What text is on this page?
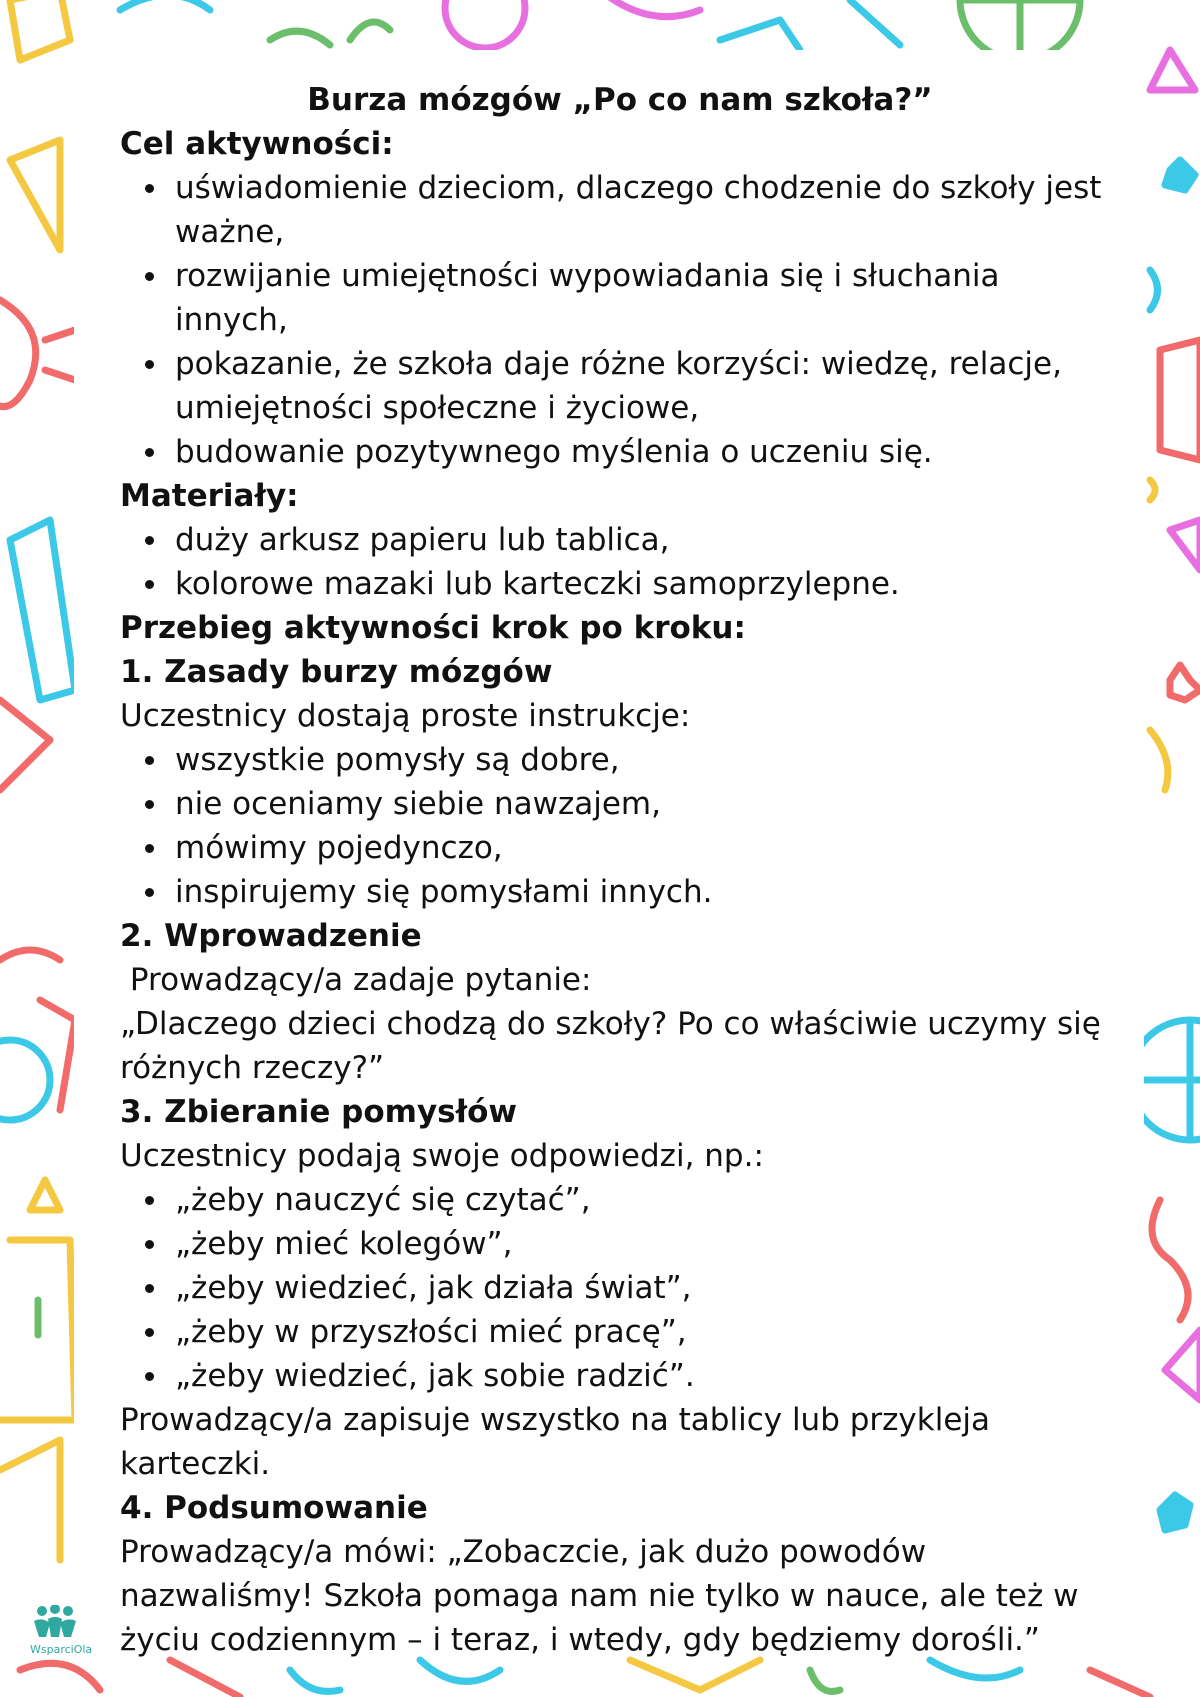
Burza mózgów „Po co nam szkoła?”

Cel aktywności:

uświadomienie dzieciom, dlaczego chodzenie do szkoły jest ważne,
rozwijanie umiejętności wypowiadania się i słuchania innych,
pokazanie, że szkoła daje różne korzyści: wiedzę, relacje, umiejętności społeczne i życiowe,
budowanie pozytywnego myślenia o uczeniu się.

Materiały:

duży arkusz papieru lub tablica,
kolorowe mazaki lub karteczki samoprzylepne.

Przebieg aktywności krok po kroku:

1. Zasady burzy mózgów

Uczestnicy dostają proste instrukcje:

wszystkie pomysły są dobre,
nie oceniamy siebie nawzajem,
mówimy pojedynczo,
inspirujemy się pomysłami innych.

2. Wprowadzenie

Prowadzący/a zadaje pytanie:

„Dlaczego dzieci chodzą do szkoły? Po co właściwie uczymy się różnych rzeczy?”

3. Zbieranie pomysłów

Uczestnicy podają swoje odpowiedzi, np.:

„żeby nauczyć się czytać”,
„żeby mieć kolegów”,
„żeby wiedzieć, jak działa świat”,
„żeby w przyszłości mieć pracę”,
„żeby wiedzieć, jak sobie radzić”.

Prowadzący/a zapisuje wszystko na tablicy lub przykleja karteczki.

4. Podsumowanie

Prowadzący/a mówi: „Zobaczcie, jak dużo powodów nazwaliśmy! Szkoła pomaga nam nie tylko w nauce, ale też w życiu codziennym – i teraz, i wtedy, gdy będziemy dorośli.”

WsparciOla
